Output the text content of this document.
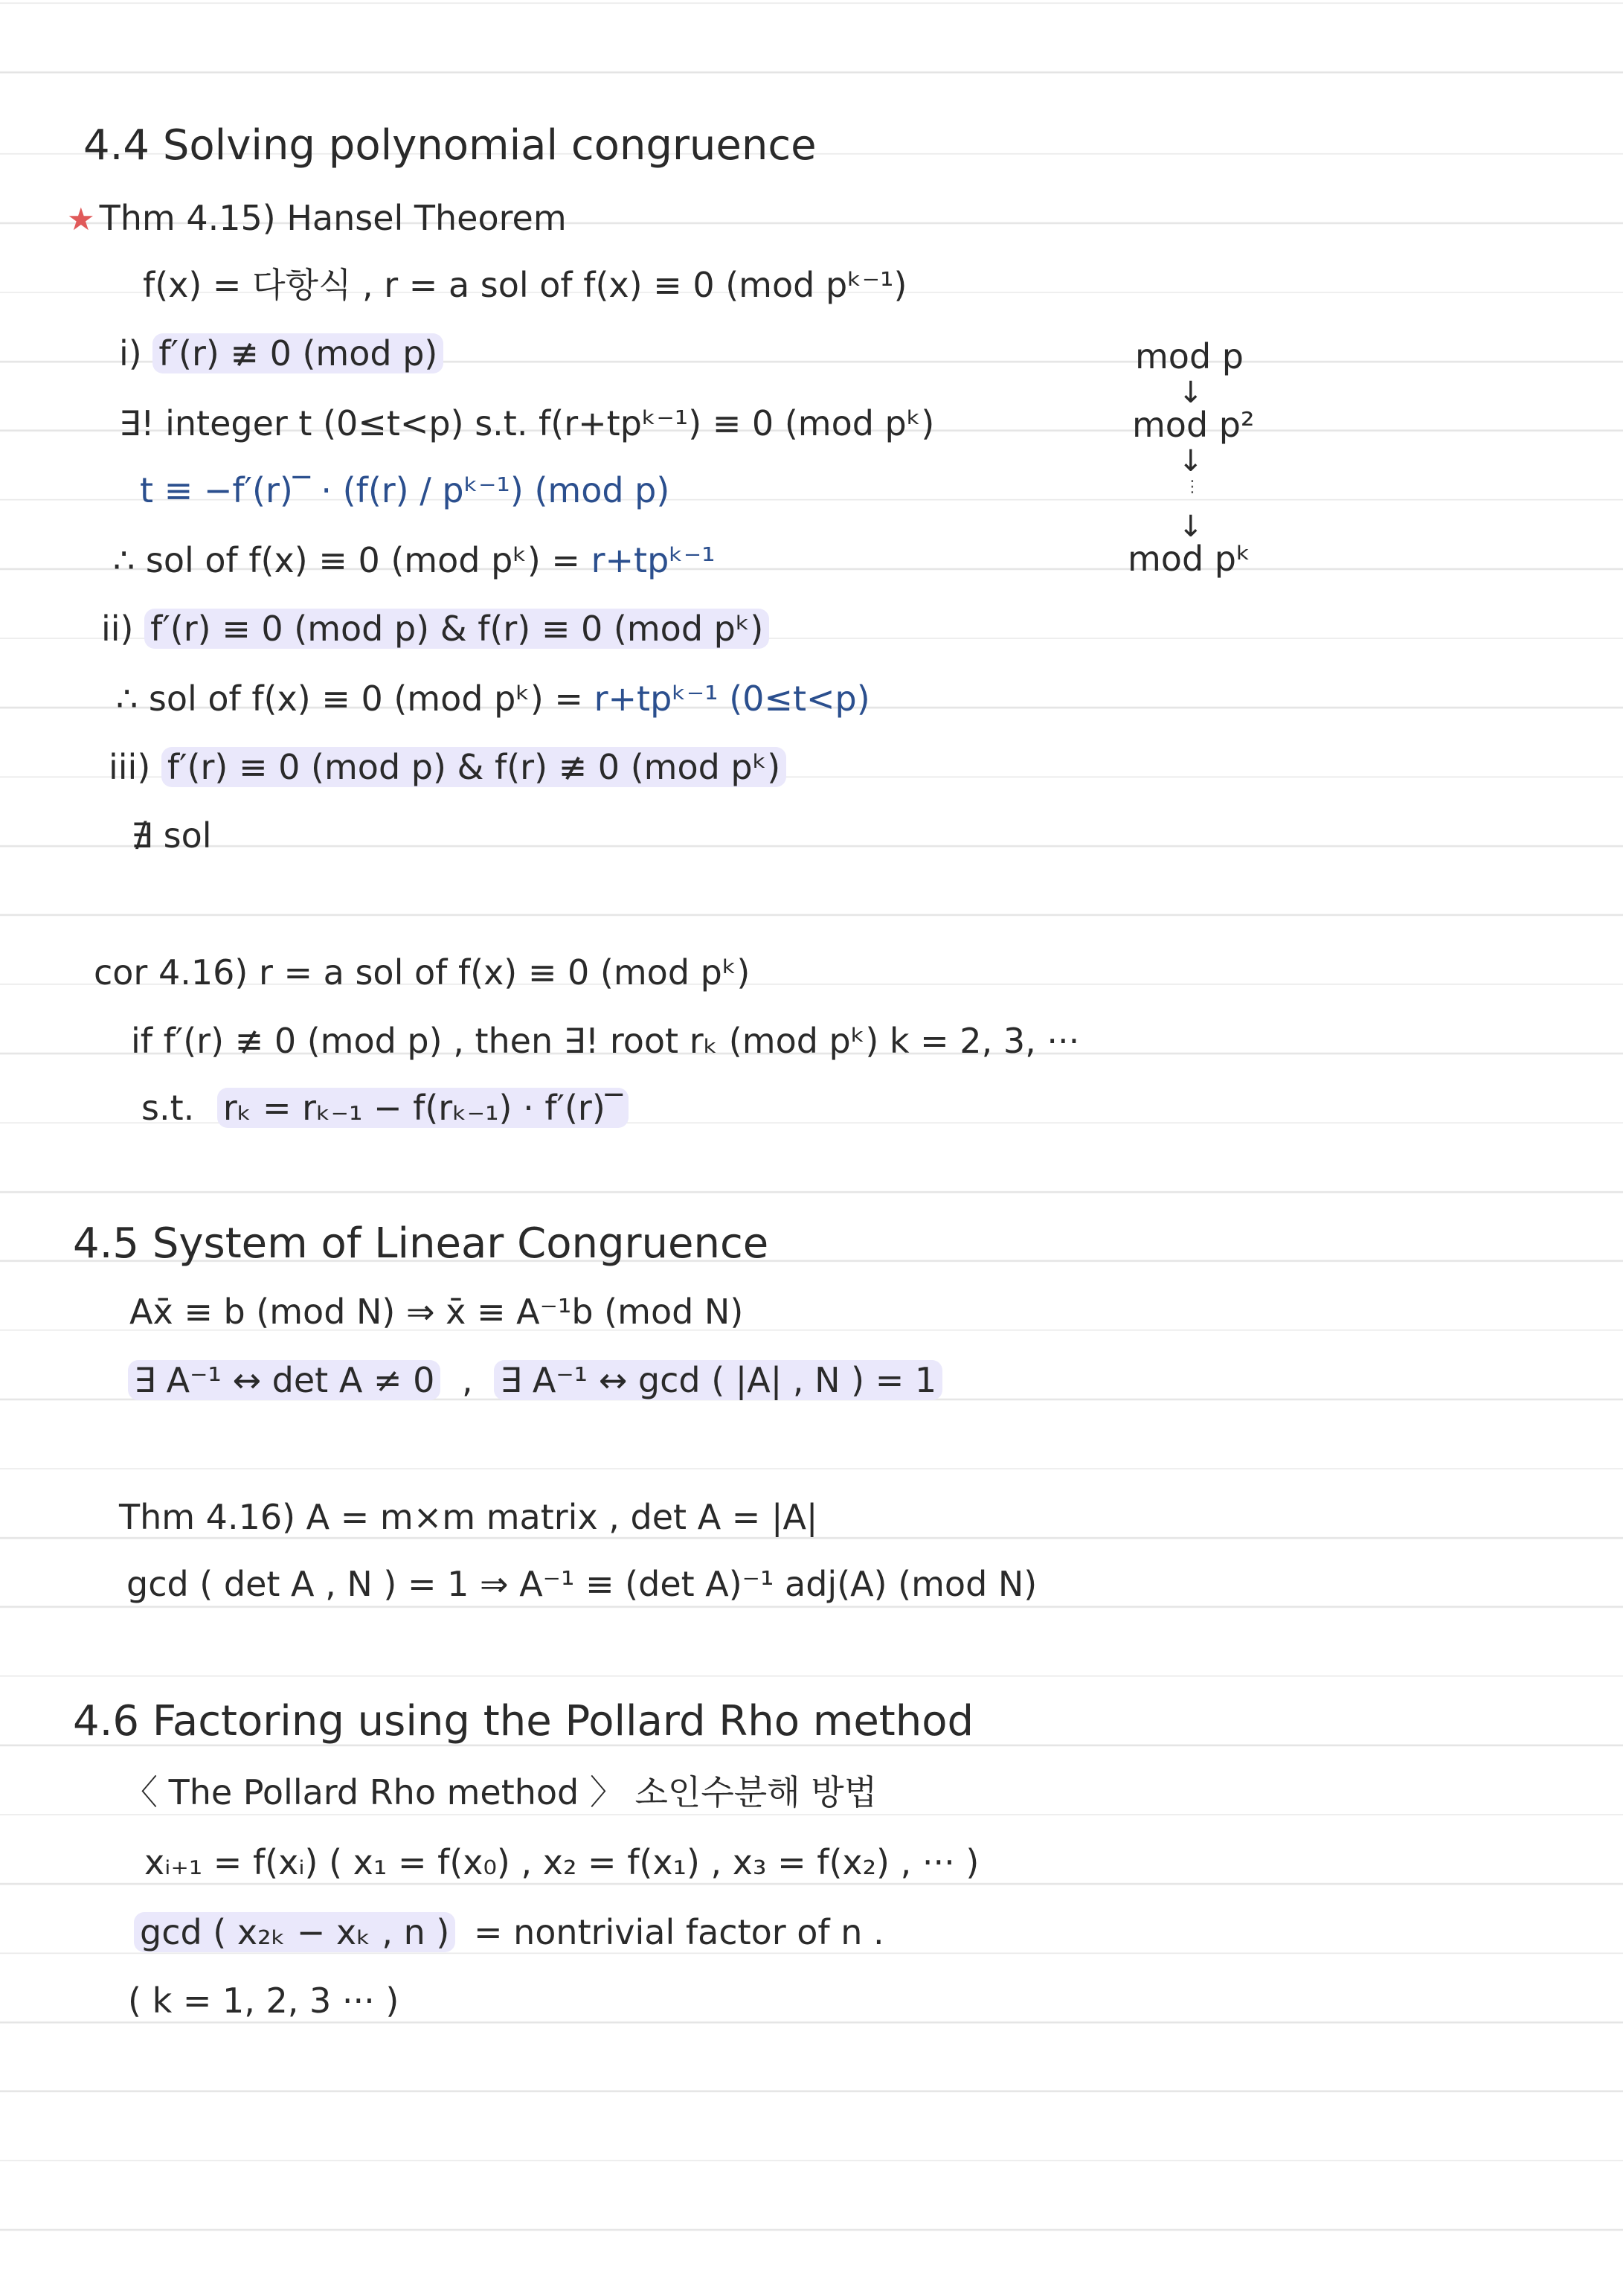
4.4 Solving polynomial congruence
★ Thm 4.15) Hansel Theorem
f(x) = 다항식 , r = a sol of f(x) ≡ 0 (mod pᵏ⁻¹)
i) f′(r) ≢ 0 (mod p)
∃! integer t (0≤t<p) s.t. f(r+tpᵏ⁻¹) ≡ 0 (mod pᵏ)
t ≡ −f′(r)‾ · (f(r) / pᵏ⁻¹) (mod p)
∴ sol of f(x) ≡ 0 (mod pᵏ) = r+tpᵏ⁻¹
ii) f′(r) ≡ 0 (mod p) & f(r) ≡ 0 (mod pᵏ)
∴ sol of f(x) ≡ 0 (mod pᵏ) = r+tpᵏ⁻¹ (0≤t<p)
iii) f′(r) ≡ 0 (mod p) & f(r) ≢ 0 (mod pᵏ)
∄ sol
mod p
↓
mod p²
↓
⋮
↓
mod pᵏ
cor 4.16) r = a sol of f(x) ≡ 0 (mod pᵏ)
if f′(r) ≢ 0 (mod p) , then ∃! root rₖ (mod pᵏ) k = 2, 3, ···
s.t. rₖ = rₖ₋₁ − f(rₖ₋₁) · f′(r)‾
4.5 System of Linear Congruence
Ax̄ ≡ b (mod N) ⇒ x̄ ≡ A⁻¹b (mod N)
∃ A⁻¹ ↔ det A ≠ 0 , ∃ A⁻¹ ↔ gcd ( |A| , N ) = 1
Thm 4.16) A = m×m matrix , det A = |A|
gcd ( det A , N ) = 1 ⇒ A⁻¹ ≡ (det A)⁻¹ adj(A) (mod N)
4.6 Factoring using the Pollard Rho method
〈 The Pollard Rho method 〉 소인수분해 방법
xᵢ₊₁ = f(xᵢ) ( x₁ = f(x₀) , x₂ = f(x₁) , x₃ = f(x₂) , ··· )
gcd ( x₂ₖ − xₖ , n ) = nontrivial factor of n .
( k = 1, 2, 3 ··· )
